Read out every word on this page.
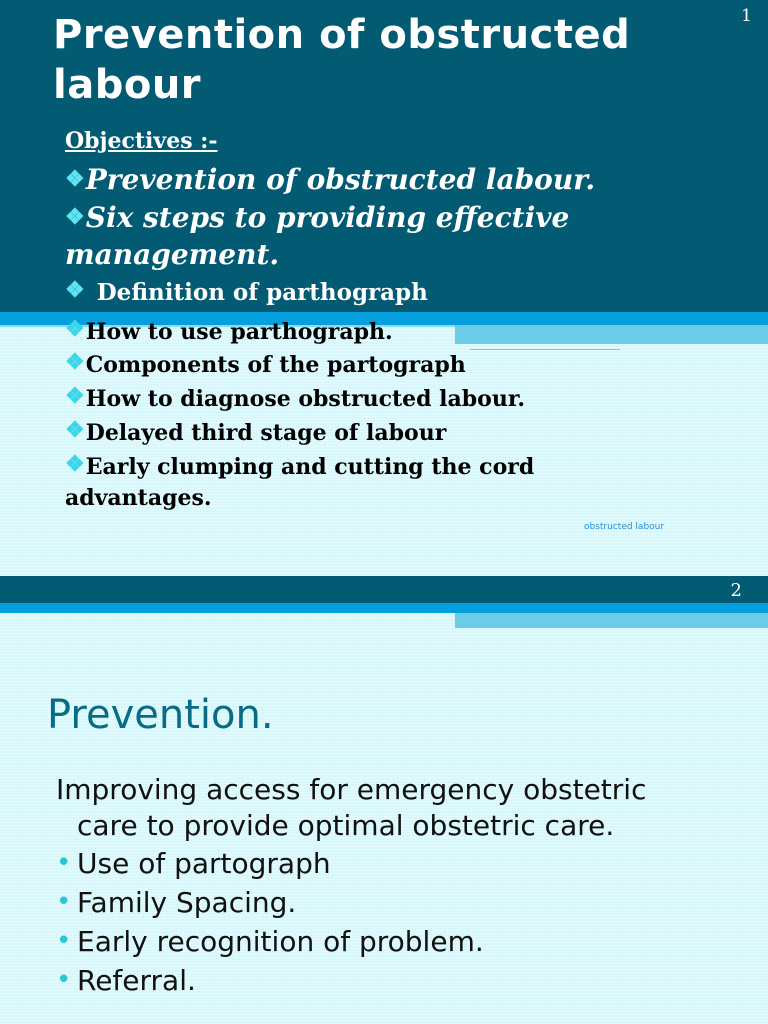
1
Prevention of obstructed
labour
Objectives :-
❖Prevention of obstructed labour.
❖Six steps to providing effective
management.
❖ Definition of parthograph
❖How to use parthograph.
❖Components of the partograph
❖How to diagnose obstructed labour.
❖Delayed third stage of labour
❖Early clumping and cutting the cord
advantages.
obstructed labour
2
Prevention.
Improving access for emergency obstetric
care to provide optimal obstetric care.
• Use of partograph
• Family Spacing.
• Early recognition of problem.
• Referral.
